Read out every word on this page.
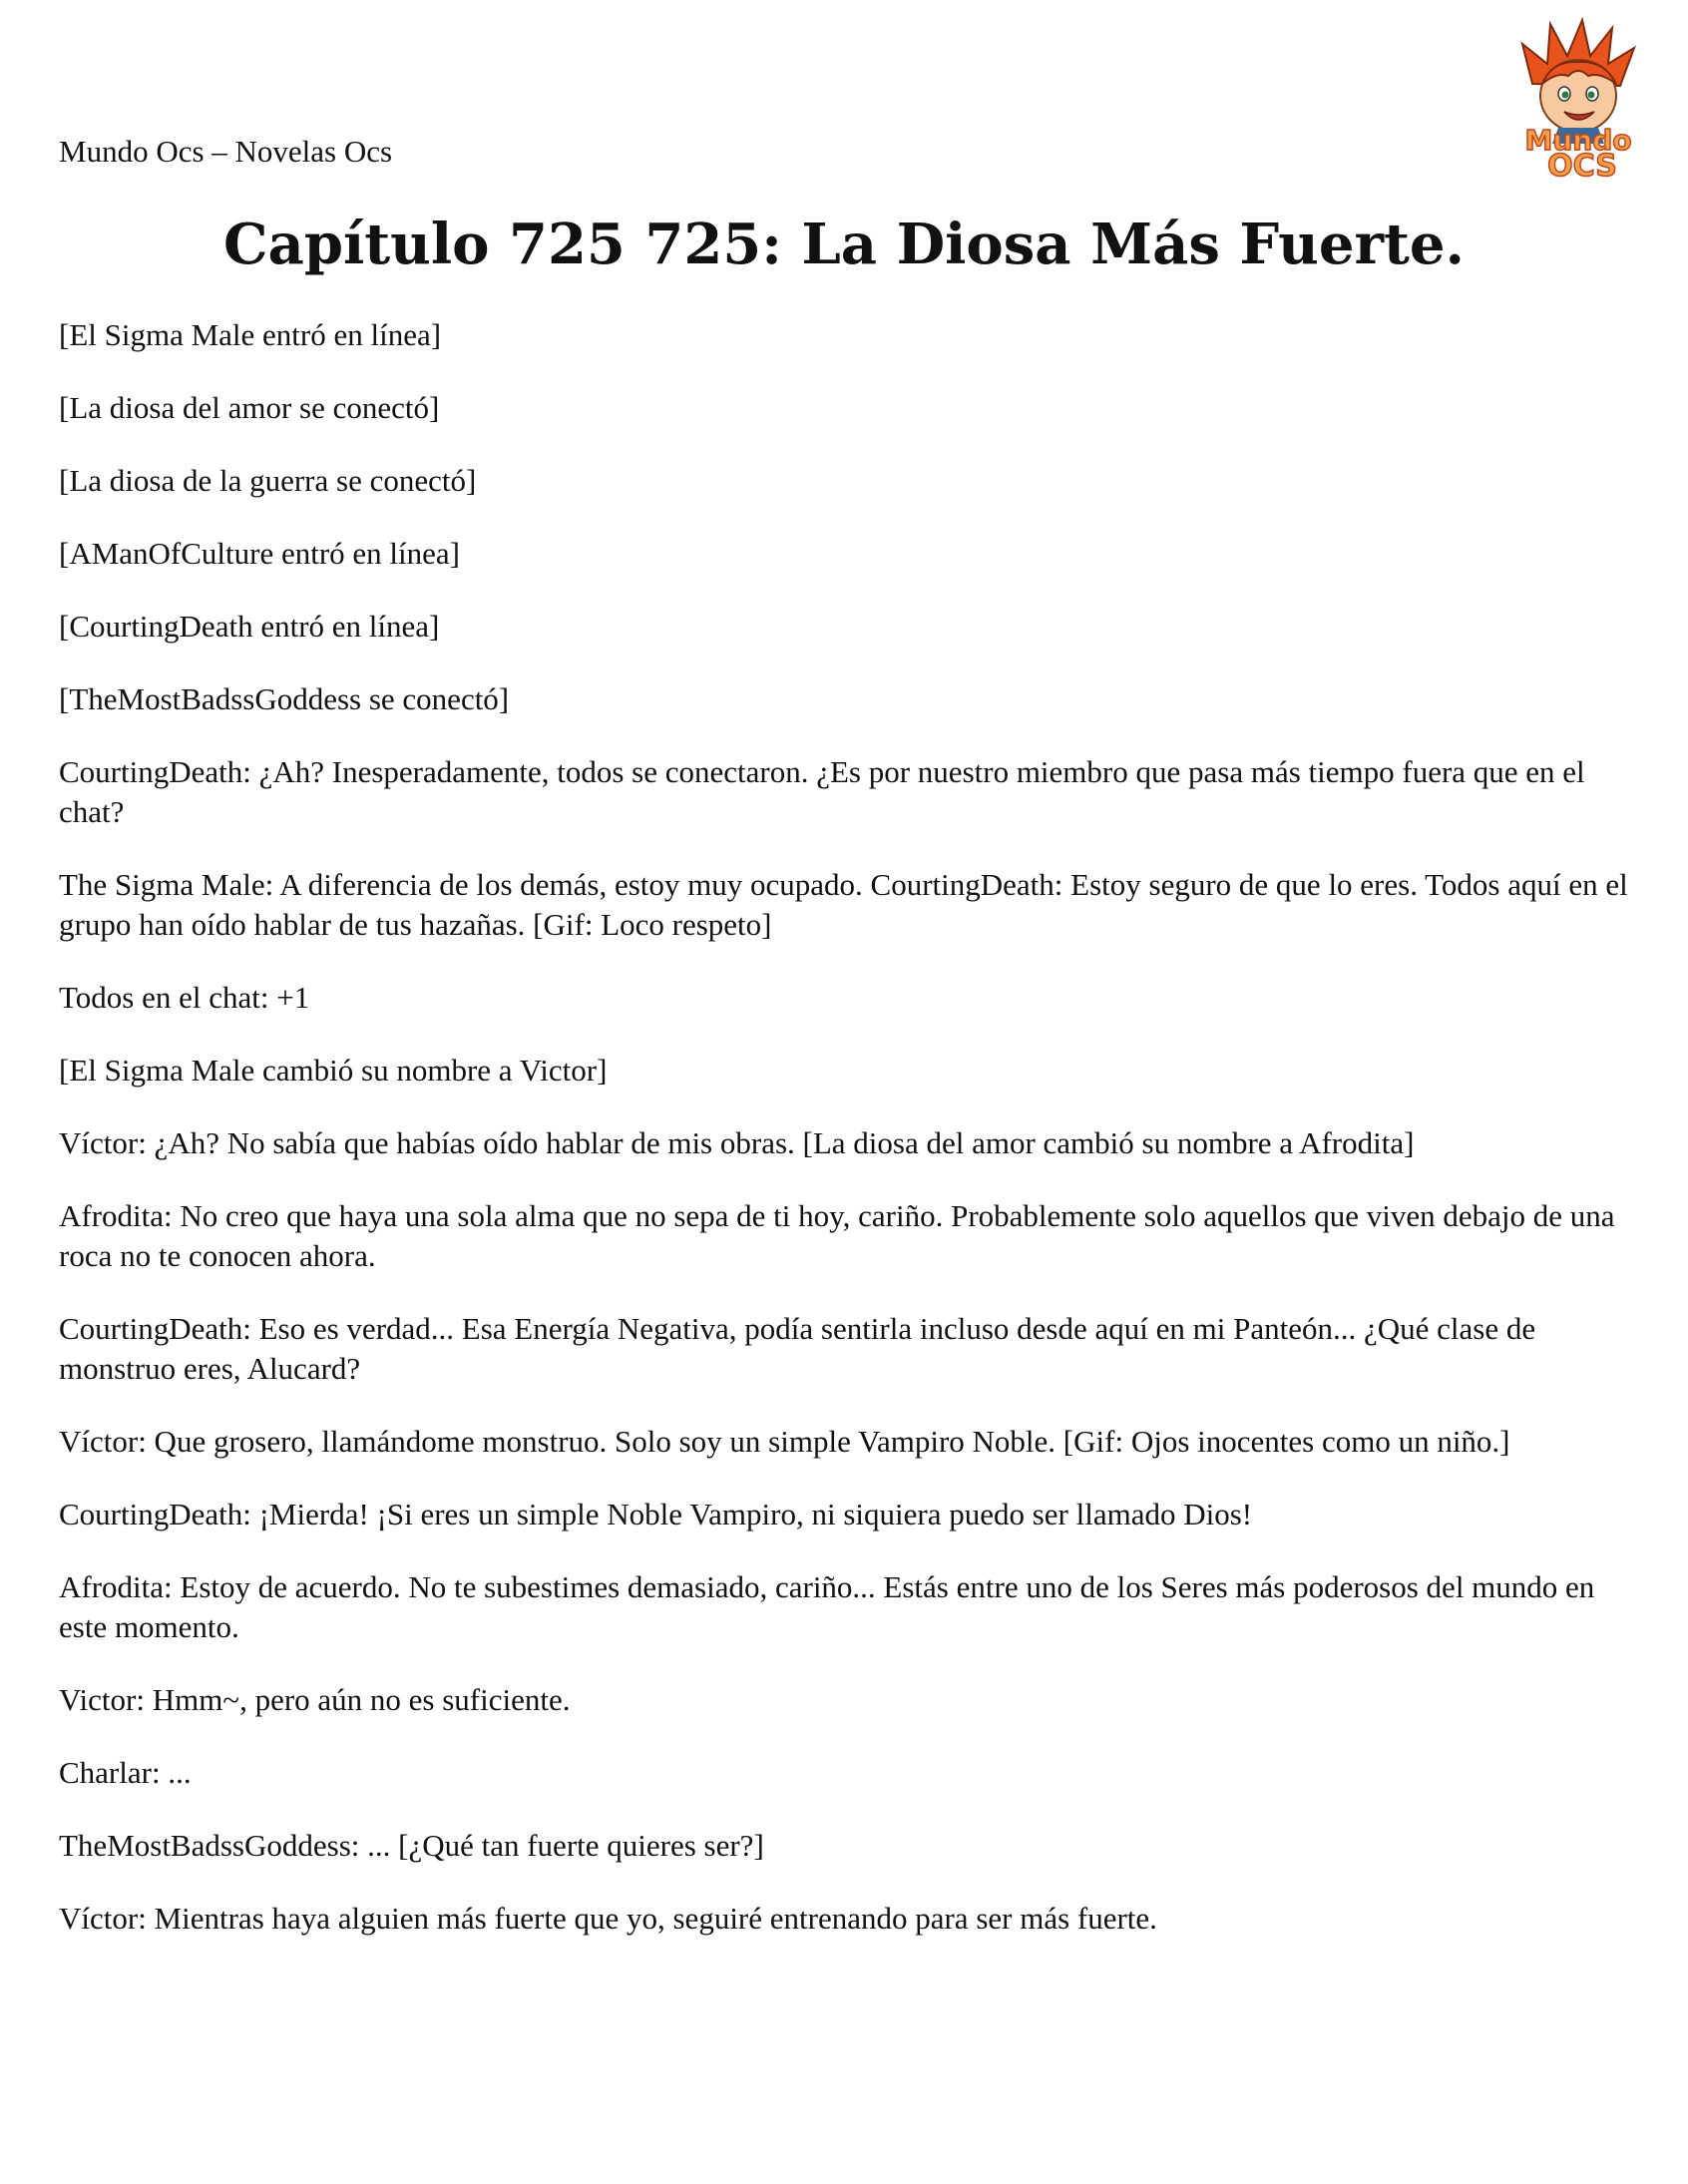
Mundo Ocs – Novelas Ocs	Mundo
OCS
Capítulo 725 725: La Diosa Más Fuerte.

[El Sigma Male entró en línea]

[La diosa del amor se conectó]

[La diosa de la guerra se conectó]

[AManOfCulture entró en línea]

[CourtingDeath entró en línea]

[TheMostBadssGoddess se conectó]

CourtingDeath: ¿Ah? Inesperadamente, todos se conectaron. ¿Es por nuestro miembro que pasa más tiempo fuera que en el chat?

The Sigma Male: A diferencia de los demás, estoy muy ocupado. CourtingDeath: Estoy seguro de que lo eres. Todos aquí en el grupo han oído hablar de tus hazañas. [Gif: Loco respeto]

Todos en el chat: +1

[El Sigma Male cambió su nombre a Victor]

Víctor: ¿Ah? No sabía que habías oído hablar de mis obras. [La diosa del amor cambió su nombre a Afrodita]

Afrodita: No creo que haya una sola alma que no sepa de ti hoy, cariño. Probablemente solo aquellos que viven debajo de una roca no te conocen ahora.

CourtingDeath: Eso es verdad... Esa Energía Negativa, podía sentirla incluso desde aquí en mi Panteón... ¿Qué clase de monstruo eres, Alucard?

Víctor: Que grosero, llamándome monstruo. Solo soy un simple Vampiro Noble. [Gif: Ojos inocentes como un niño.]

CourtingDeath: ¡Mierda! ¡Si eres un simple Noble Vampiro, ni siquiera puedo ser llamado Dios!

Afrodita: Estoy de acuerdo. No te subestimes demasiado, cariño... Estás entre uno de los Seres más poderosos del mundo en este momento.

Victor: Hmm~, pero aún no es suficiente.

Charlar: ...

TheMostBadssGoddess: ... [¿Qué tan fuerte quieres ser?]

Víctor: Mientras haya alguien más fuerte que yo, seguiré entrenando para ser más fuerte.
